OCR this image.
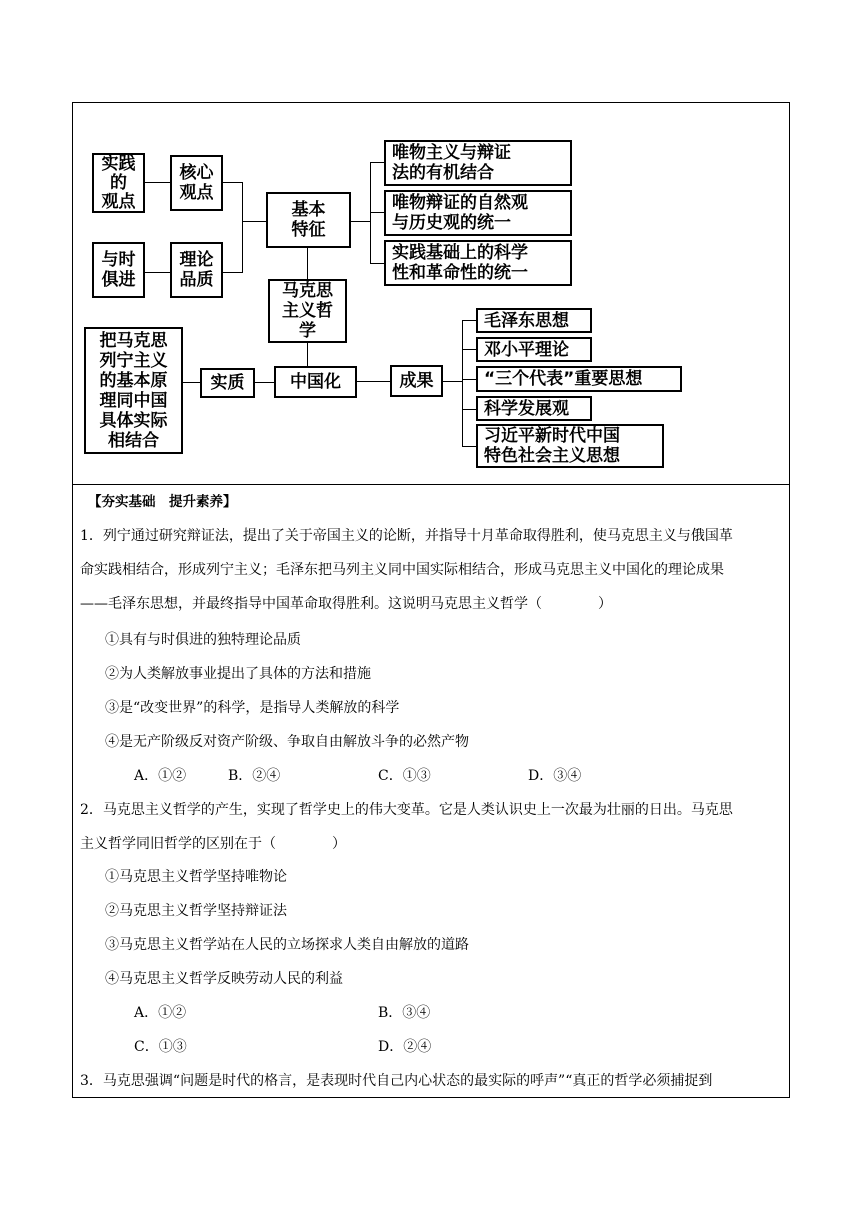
实践
的
观点
核心
观点
与时
俱进
理论
品质
基本
特征
唯物主义与辩证
法的有机结合
唯物辩证的自然观
与历史观的统一
实践基础上的科学
性和革命性的统一
马克思
主义哲
学
把马克思
列宁主义
的基本原
理同中国
具体实际
相结合
实质	中国化	成果
毛泽东思想
邓小平理论
“三个代表”重要思想
科学发展观
习近平新时代中国
特色社会主义思想
【夯实基础　提升素养】
1．列宁通过研究辩证法，提出了关于帝国主义的论断，并指导十月革命取得胜利，使马克思主义与俄国革
命实践相结合，形成列宁主义；毛泽东把马列主义同中国实际相结合，形成马克思主义中国化的理论成果
——毛泽东思想，并最终指导中国革命取得胜利。这说明马克思主义哲学（　　　　）
①具有与时俱进的独特理论品质
②为人类解放事业提出了具体的方法和措施
③是“改变世界”的科学，是指导人类解放的科学
④是无产阶级反对资产阶级、争取自由解放斗争的必然产物
A．①②	B．②④	C．①③	D．③④
2．马克思主义哲学的产生，实现了哲学史上的伟大变革。它是人类认识史上一次最为壮丽的日出。马克思
主义哲学同旧哲学的区别在于（　　　　）
①马克思主义哲学坚持唯物论
②马克思主义哲学坚持辩证法
③马克思主义哲学站在人民的立场探求人类自由解放的道路
④马克思主义哲学反映劳动人民的利益
A．①②	B．③④
C．①③	D．②④
3．马克思强调“问题是时代的格言，是表现时代自己内心状态的最实际的呼声”“真正的哲学必须捕捉到
